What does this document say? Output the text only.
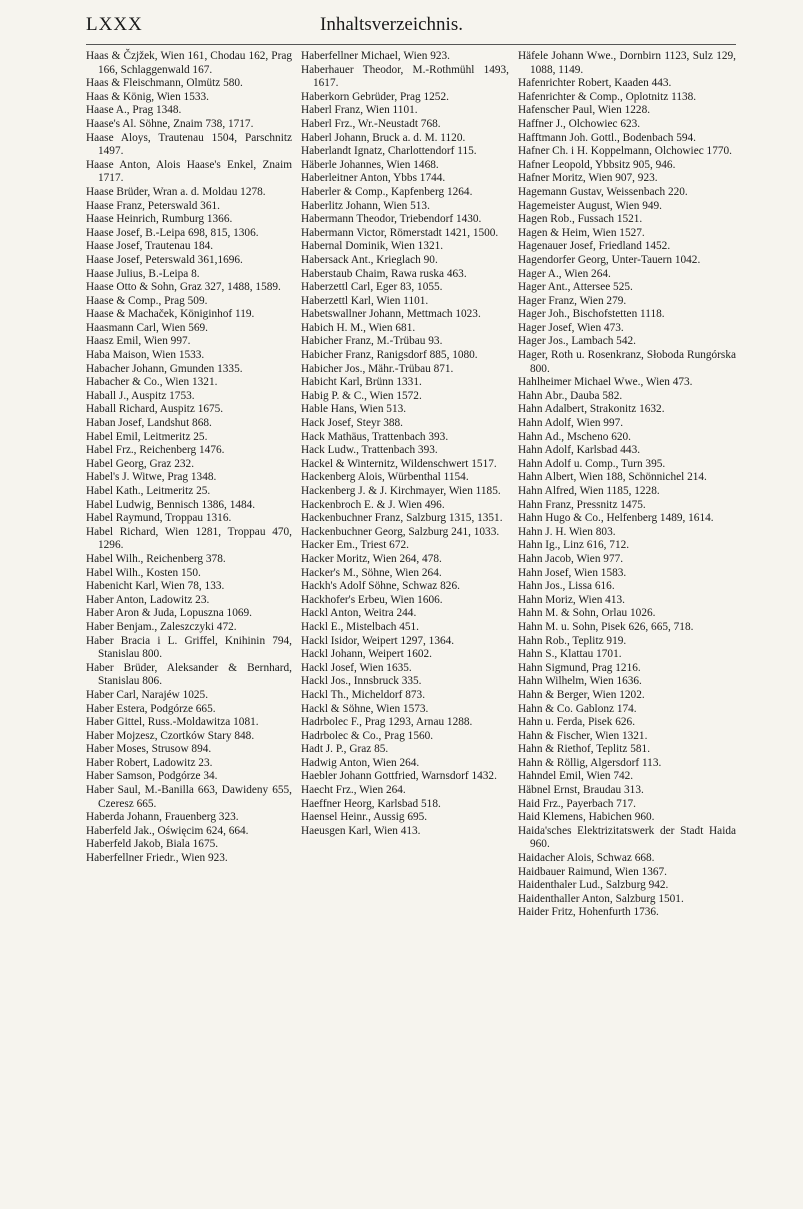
LXXX	Inhaltsverzeichnis.
Haas & Čzjžek, Wien 161, Chodau 162, Prag 166, Schlaggenwald 167.
Haas & Fleischmann, Olmütz 580.
Haas & König, Wien 1533.
Haase A., Prag 1348.
Haase's Al. Söhne, Znaim 738, 1717.
Haase Aloys, Trautenau 1504, Parschnitz 1497.
Haase Anton, Alois Haase's Enkel, Znaim 1717.
Haase Brüder, Wran a. d. Moldau 1278.
Haase Franz, Peterswald 361.
Haase Heinrich, Rumburg 1366.
Haase Josef, B.-Leipa 698, 815, 1306.
Haase Josef, Trautenau 184.
Haase Josef, Peterswald 361,1696.
Haase Julius, B.-Leipa 8.
Haase Otto & Sohn, Graz 327, 1488, 1589.
Haase & Comp., Prag 509.
Haase & Machaček, Königinhof 119.
Haasmann Carl, Wien 569.
Haasz Emil, Wien 997.
Haba Maison, Wien 1533.
Habacher Johann, Gmunden 1335.
Habacher & Co., Wien 1321.
Haball J., Auspitz 1753.
Haball Richard, Auspitz 1675.
Haban Josef, Landshut 868.
Habel Emil, Leitmeritz 25.
Habel Frz., Reichenberg 1476.
Habel Georg, Graz 232.
Habel's J. Witwe, Prag 1348.
Habel Kath., Leitmeritz 25.
Habel Ludwig, Bennisch 1386, 1484.
Habel Raymund, Troppau 1316.
Habel Richard, Wien 1281, Troppau 470, 1296.
Habel Wilh., Reichenberg 378.
Habel Wilh., Kosten 150.
Habenicht Karl, Wien 78, 133.
Haber Anton, Ladowitz 23.
Haber Aron & Juda, Lopuszna 1069.
Haber Benjam., Zaleszczyki 472.
Haber Bracia i L. Griffel, Knihinin 794, Stanislau 800.
Haber Brüder, Aleksander & Bernhard, Stanislau 806.
Haber Carl, Narajéw 1025.
Haber Estera, Podgórze 665.
Haber Gittel, Russ.-Moldawitza 1081.
Haber Mojzesz, Czortków Stary 848.
Haber Moses, Strusow 894.
Haber Robert, Ladowitz 23.
Haber Samson, Podgórze 34.
Haber Saul, M.-Banilla 663, Dawideny 655, Czeresz 665.
Haberda Johann, Frauenberg 323.
Haberfeld Jak., Oświęcim 624, 664.
Haberfeld Jakob, Biala 1675.
Haberfellner Friedr., Wien 923.
Haberfellner Michael, Wien 923.
Haberhauer Theodor, M.-Rothmühl 1493, 1617.
Haberkorn Gebrüder, Prag 1252.
Haberl Franz, Wien 1101.
Haberl Frz., Wr.-Neustadt 768.
Haberl Johann, Bruck a. d. M. 1120.
Haberlandt Ignatz, Charlottendorf 115.
Häberle Johannes, Wien 1468.
Haberleitner Anton, Ybbs 1744.
Haberler & Comp., Kapfenberg 1264.
Haberlitz Johann, Wien 513.
Habermann Theodor, Triebendorf 1430.
Habermann Victor, Römerstadt 1421, 1500.
Habernal Dominik, Wien 1321.
Habersack Ant., Krieglach 90.
Haberstaub Chaim, Rawa ruska 463.
Haberzettl Carl, Eger 83, 1055.
Haberzettl Karl, Wien 1101.
Habetswallner Johann, Mettmach 1023.
Habich H. M., Wien 681.
Habicher Franz, M.-Trübau 93.
Habicher Franz, Ranigsdorf 885, 1080.
Habicher Jos., Mähr.-Trübau 871.
Habicht Karl, Brünn 1331.
Habig P. & C., Wien 1572.
Hable Hans, Wien 513.
Hack Josef, Steyr 388.
Hack Mathäus, Trattenbach 393.
Hack Ludw., Trattenbach 393.
Hackel & Winternitz, Wildenschwert 1517.
Hackenberg Alois, Würbenthal 1154.
Hackenberg J. & J. Kirchmayer, Wien 1185.
Hackenbroch E. & J. Wien 496.
Hackenbuchner Franz, Salzburg 1315, 1351.
Hackenbuchner Georg, Salzburg 241, 1033.
Hacker Em., Triest 672.
Hacker Moritz, Wien 264, 478.
Hacker's M., Söhne, Wien 264.
Hackh's Adolf Söhne, Schwaz 826.
Hackhofer's Erbeu, Wien 1606.
Hackl Anton, Weitra 244.
Hackl E., Mistelbach 451.
Hackl Isidor, Weipert 1297, 1364.
Hackl Johann, Weipert 1602.
Hackl Josef, Wien 1635.
Hackl Jos., Innsbruck 335.
Hackl Th., Micheldorf 873.
Hackl & Söhne, Wien 1573.
Hadrbolec F., Prag 1293, Arnau 1288.
Hadrbolec & Co., Prag 1560.
Hadt J. P., Graz 85.
Hadwig Anton, Wien 264.
Haebler Johann Gottfried, Warnsdorf 1432.
Haecht Frz., Wien 264.
Haeffner Heorg, Karlsbad 518.
Haensel Heinr., Aussig 695.
Haeusgen Karl, Wien 413.
Häfele Johann Wwe., Dornbirn 1123, Sulz 129, 1088, 1149.
Hafenrichter Robert, Kaaden 443.
Hafenrichter & Comp., Oplotnitz 1138.
Hafenscher Paul, Wien 1228.
Haffner J., Olchowiec 623.
Hafftmann Joh. Gottl., Bodenbach 594.
Hafner Ch. i H. Koppelmann, Olchowiec 1770.
Hafner Leopold, Ybbsitz 905, 946.
Hafner Moritz, Wien 907, 923.
Hagemann Gustav, Weissenbach 220.
Hagemeister August, Wien 949.
Hagen Rob., Fussach 1521.
Hagen & Heim, Wien 1527.
Hagenauer Josef, Friedland 1452.
Hagendorfer Georg, Unter-Tauern 1042.
Hager A., Wien 264.
Hager Ant., Attersee 525.
Hager Franz, Wien 279.
Hager Joh., Bischofstetten 1118.
Hager Josef, Wien 473.
Hager Jos., Lambach 542.
Hager, Roth u. Rosenkranz, Słoboda Rungórska 800.
Hahlheimer Michael Wwe., Wien 473.
Hahn Abr., Dauba 582.
Hahn Adalbert, Strakonitz 1632.
Hahn Adolf, Wien 997.
Hahn Ad., Mscheno 620.
Hahn Adolf, Karlsbad 443.
Hahn Adolf u. Comp., Turn 395.
Hahn Albert, Wien 188, Schönnichel 214.
Hahn Alfred, Wien 1185, 1228.
Hahn Franz, Pressnitz 1475.
Hahn Hugo & Co., Helfenberg 1489, 1614.
Hahn J. H. Wien 803.
Hahn Ig., Linz 616, 712.
Hahn Jacob, Wien 977.
Hahn Josef, Wien 1583.
Hahn Jos., Lissa 616.
Hahn Moriz, Wien 413.
Hahn M. & Sohn, Orlau 1026.
Hahn M. u. Sohn, Pisek 626, 665, 718.
Hahn Rob., Teplitz 919.
Hahn S., Klattau 1701.
Hahn Sigmund, Prag 1216.
Hahn Wilhelm, Wien 1636.
Hahn & Berger, Wien 1202.
Hahn & Co. Gablonz 174.
Hahn u. Ferda, Pisek 626.
Hahn & Fischer, Wien 1321.
Hahn & Riethof, Teplitz 581.
Hahn & Röllig, Algersdorf 113.
Hahndel Emil, Wien 742.
Häbnel Ernst, Braudau 313.
Haid Frz., Payerbach 717.
Haid Klemens, Habichen 960.
Haida'sches Elektrizitatswerk der Stadt Haida 960.
Haidacher Alois, Schwaz 668.
Haidbauer Raimund, Wien 1367.
Haidenthaler Lud., Salzburg 942.
Haidenthaller Anton, Salzburg 1501.
Haider Fritz, Hohenfurth 1736.
